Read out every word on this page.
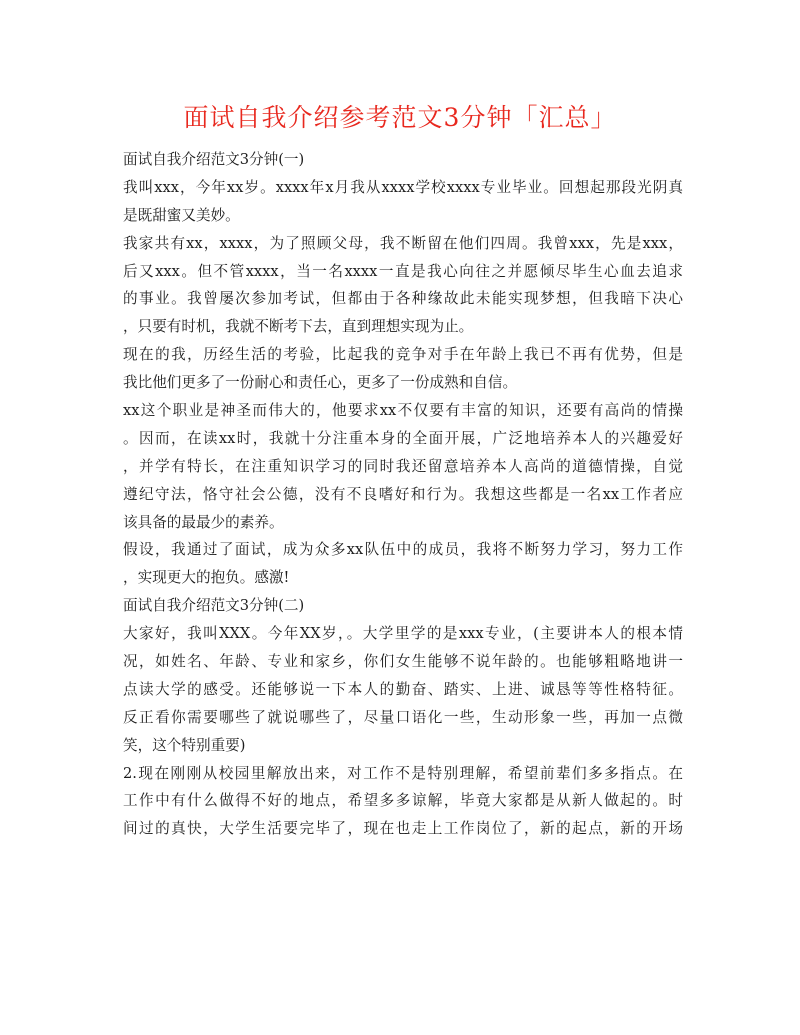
面试自我介绍参考范文3分钟「汇总」
面试自我介绍范文3分钟(一)
我叫xxx，今年xx岁。xxxx年x月我从xxxx学校xxxx专业毕业。回想起那段光阴真
是既甜蜜又美妙。
我家共有xx，xxxx，为了照顾父母，我不断留在他们四周。我曾xxx，先是xxx，
后又xxx。但不管xxxx，当一名xxxx一直是我心向往之并愿倾尽毕生心血去追求
的事业。我曾屡次参加考试，但都由于各种缘故此未能实现梦想，但我暗下决心
，只要有时机，我就不断考下去，直到理想实现为止。
现在的我，历经生活的考验，比起我的竞争对手在年龄上我已不再有优势，但是
我比他们更多了一份耐心和责任心，更多了一份成熟和自信。
xx这个职业是神圣而伟大的，他要求xx不仅要有丰富的知识，还要有高尚的情操
。因而，在读xx时，我就十分注重本身的全面开展，广泛地培养本人的兴趣爱好
，并学有特长，在注重知识学习的同时我还留意培养本人高尚的道德情操，自觉
遵纪守法，恪守社会公德，没有不良嗜好和行为。我想这些都是一名xx工作者应
该具备的最最少的素养。
假设，我通过了面试，成为众多xx队伍中的成员，我将不断努力学习，努力工作
，实现更大的抱负。感激!
面试自我介绍范文3分钟(二)
大家好，我叫XXX。今年XX岁，。大学里学的是xxx专业，(主要讲本人的根本情
况，如姓名、年龄、专业和家乡，你们女生能够不说年龄的。也能够粗略地讲一
点读大学的感受。还能够说一下本人的勤奋、踏实、上进、诚恳等等性格特征。
反正看你需要哪些了就说哪些了，尽量口语化一些，生动形象一些，再加一点微
笑，这个特别重要)
2.现在刚刚从校园里解放出来，对工作不是特别理解，希望前辈们多多指点。在
工作中有什么做得不好的地点，希望多多谅解，毕竟大家都是从新人做起的。时
间过的真快，大学生活要完毕了，现在也走上工作岗位了，新的起点，新的开场
